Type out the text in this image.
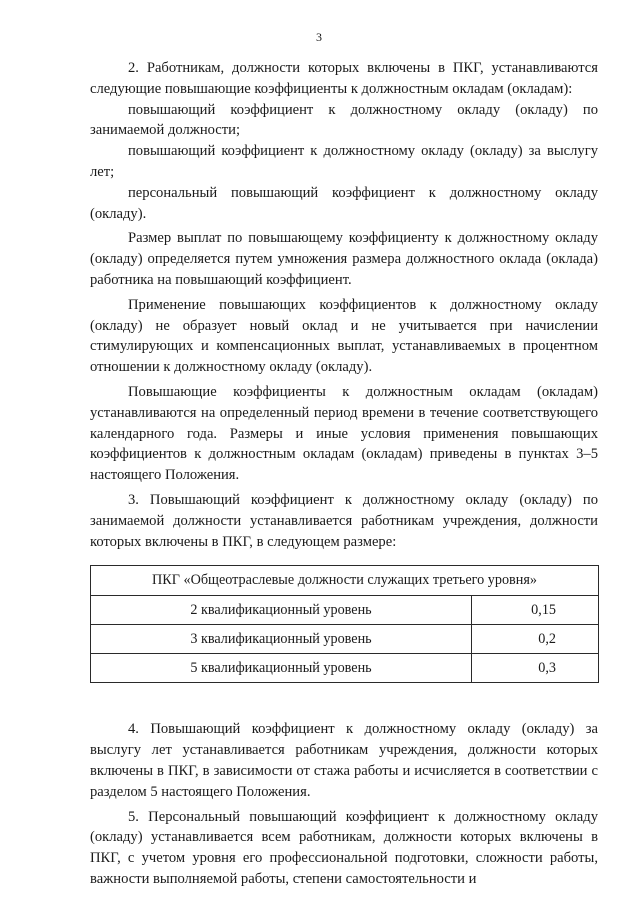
3

2. Работникам, должности которых включены в ПКГ, устанавливаются следующие повышающие коэффициенты к должностным окладам (окладам):

повышающий коэффициент к должностному окладу (окладу) по занимаемой должности;

повышающий коэффициент к должностному окладу (окладу) за выслугу лет;

персональный повышающий коэффициент к должностному окладу (окладу).

Размер выплат по повышающему коэффициенту к должностному окладу (окладу) определяется путем умножения размера должностного оклада (оклада) работника на повышающий коэффициент.

Применение повышающих коэффициентов к должностному окладу (окладу) не образует новый оклад и не учитывается при начислении стимулирующих и компенсационных выплат, устанавливаемых в процентном отношении к должностному окладу (окладу).

Повышающие коэффициенты к должностным окладам (окладам) устанавливаются на определенный период времени в течение соответствующего календарного года. Размеры и иные условия применения повышающих коэффициентов к должностным окладам (окладам) приведены в пунктах 3–5 настоящего Положения.

3. Повышающий коэффициент к должностному окладу (окладу) по занимаемой должности устанавливается работникам учреждения, должности которых включены в ПКГ, в следующем размере:

ПКГ «Общеотраслевые должности служащих третьего уровня»	
2 квалификационный уровень	0,15
3 квалификационный уровень	0,2
5 квалификационный уровень	0,3

4. Повышающий коэффициент к должностному окладу (окладу) за выслугу лет устанавливается работникам учреждения, должности которых включены в ПКГ, в зависимости от стажа работы и исчисляется в соответствии с разделом 5 настоящего Положения.

5. Персональный повышающий коэффициент к должностному окладу (окладу) устанавливается всем работникам, должности которых включены в ПКГ, с учетом уровня его профессиональной подготовки, сложности работы, важности выполняемой работы, степени самостоятельности и
